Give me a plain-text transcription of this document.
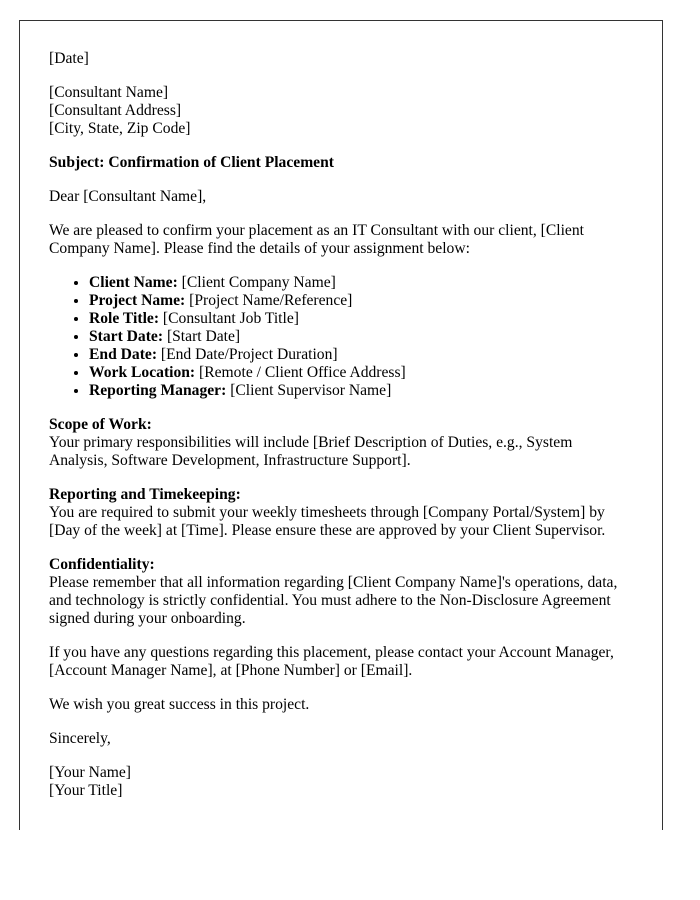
[Date]

[Consultant Name]
[Consultant Address]
[City, State, Zip Code]

Subject: Confirmation of Client Placement

Dear [Consultant Name],

We are pleased to confirm your placement as an IT Consultant with our client, [Client Company Name]. Please find the details of your assignment below:

• Client Name: [Client Company Name]
• Project Name: [Project Name/Reference]
• Role Title: [Consultant Job Title]
• Start Date: [Start Date]
• End Date: [End Date/Project Duration]
• Work Location: [Remote / Client Office Address]
• Reporting Manager: [Client Supervisor Name]

Scope of Work:
Your primary responsibilities will include [Brief Description of Duties, e.g., System Analysis, Software Development, Infrastructure Support].

Reporting and Timekeeping:
You are required to submit your weekly timesheets through [Company Portal/System] by [Day of the week] at [Time]. Please ensure these are approved by your Client Supervisor.

Confidentiality:
Please remember that all information regarding [Client Company Name]'s operations, data, and technology is strictly confidential. You must adhere to the Non-Disclosure Agreement signed during your onboarding.

If you have any questions regarding this placement, please contact your Account Manager, [Account Manager Name], at [Phone Number] or [Email].

We wish you great success in this project.

Sincerely,

[Your Name]
[Your Title]
